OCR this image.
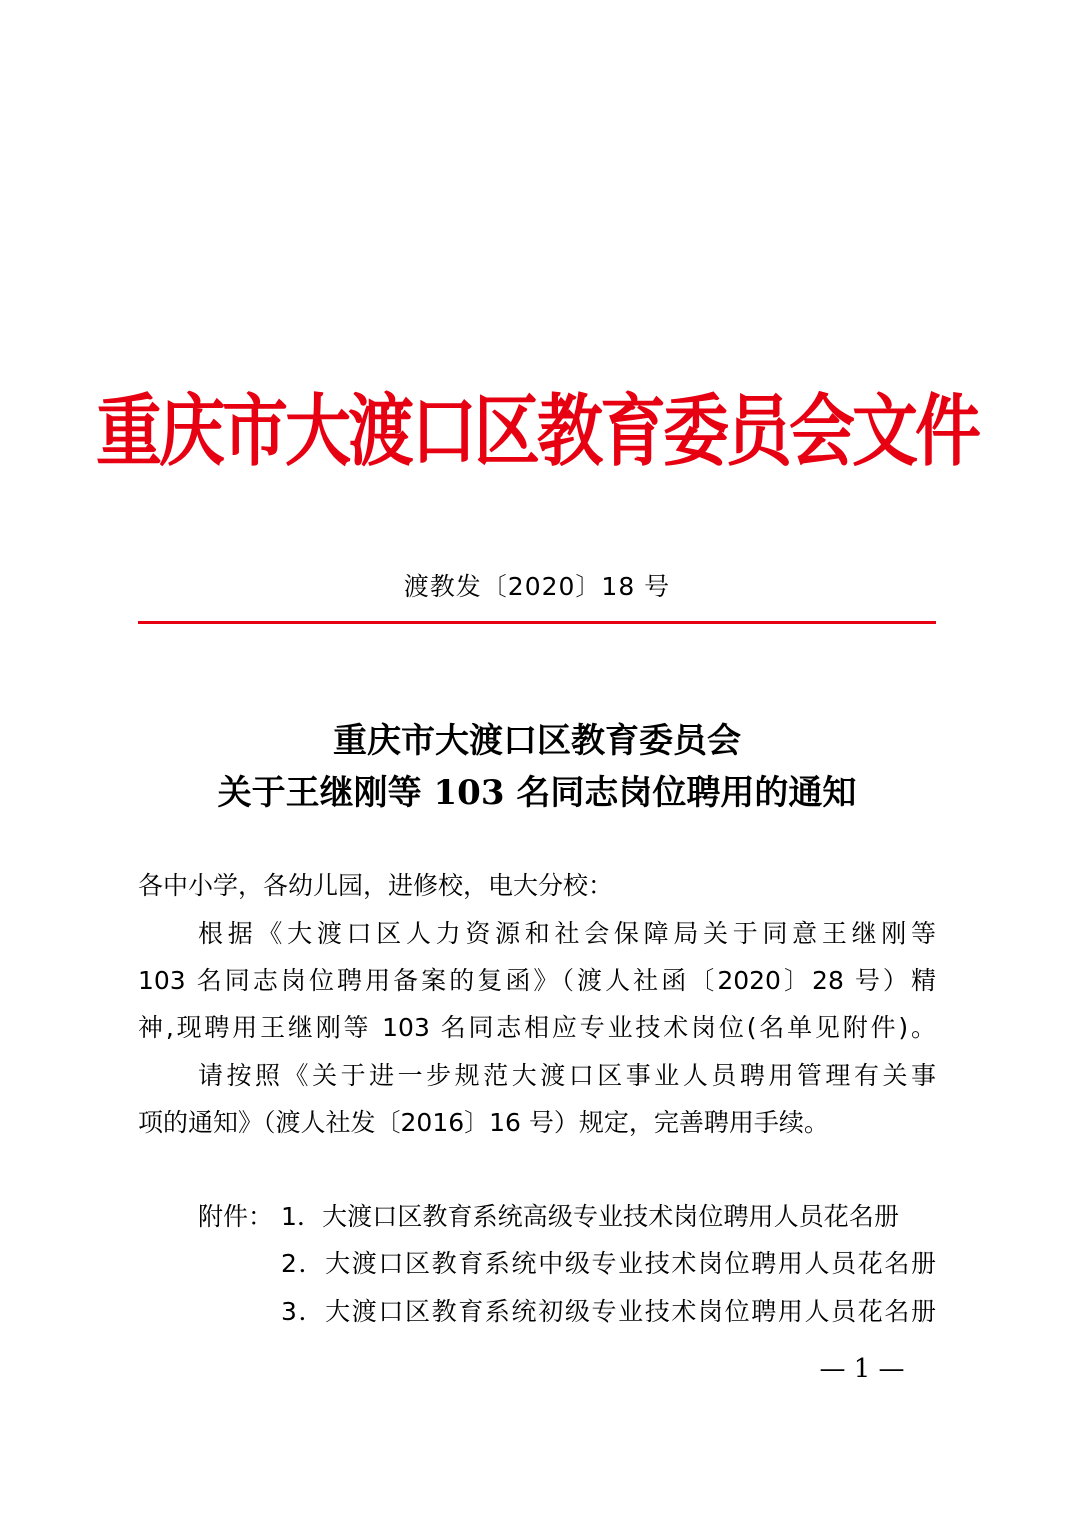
重庆市大渡口区教育委员会文件
渡教发〔2020〕18 号
重庆市大渡口区教育委员会
关于王继刚等 103 名同志岗位聘用的通知
各中小学，各幼儿园，进修校，电大分校：
根据《大渡口区人力资源和社会保障局关于同意王继刚等
103 名同志岗位聘用备案的复函》（渡人社函〔2020〕28 号）精
神,现聘用王继刚等 103 名同志相应专业技术岗位(名单见附件)。
请按照《关于进一步规范大渡口区事业人员聘用管理有关事
项的通知》（渡人社发〔2016〕16 号）规定，完善聘用手续。
附件： 1．大渡口区教育系统高级专业技术岗位聘用人员花名册
2．大渡口区教育系统中级专业技术岗位聘用人员花名册
3．大渡口区教育系统初级专业技术岗位聘用人员花名册
— 1 —
